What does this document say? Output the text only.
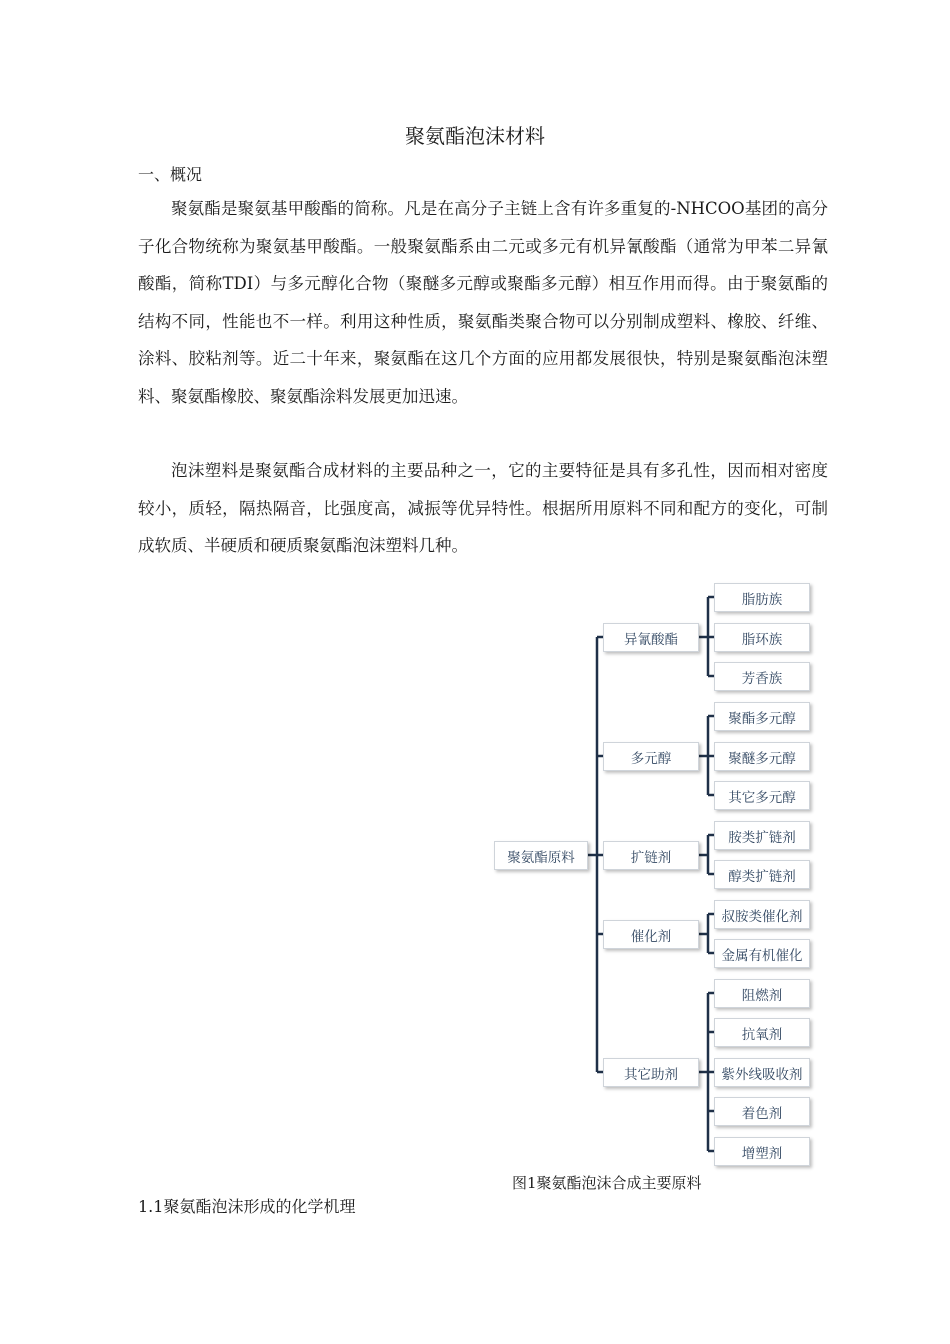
聚氨酯泡沫材料
一、概况

聚氨酯是聚氨基甲酸酯的简称。凡是在高分子主链上含有许多重复的-NHCOO基团的高分子化合物统称为聚氨基甲酸酯。一般聚氨酯系由二元或多元有机异氰酸酯（通常为甲苯二异氰酸酯，简称TDI）与多元醇化合物（聚醚多元醇或聚酯多元醇）相互作用而得。由于聚氨酯的结构不同，性能也不一样。利用这种性质，聚氨酯类聚合物可以分别制成塑料、橡胶、纤维、涂料、胶粘剂等。近二十年来，聚氨酯在这几个方面的应用都发展很快，特别是聚氨酯泡沫塑料、聚氨酯橡胶、聚氨酯涂料发展更加迅速。

泡沫塑料是聚氨酯合成材料的主要品种之一，它的主要特征是具有多孔性，因而相对密度较小，质轻，隔热隔音，比强度高，减振等优异特性。根据所用原料不同和配方的变化，可制成软质、半硬质和硬质聚氨酯泡沫塑料几种。

聚氨酯原料
异氰酸酯
多元醇
扩链剂
催化剂
其它助剂
脂肪族
脂环族
芳香族
聚酯多元醇
聚醚多元醇
其它多元醇
胺类扩链剂
醇类扩链剂
叔胺类催化剂
金属有机催化
阻燃剂
抗氧剂
紫外线吸收剂
着色剂
增塑剂

图1聚氨酯泡沫合成主要原料

1.1聚氨酯泡沫形成的化学机理
